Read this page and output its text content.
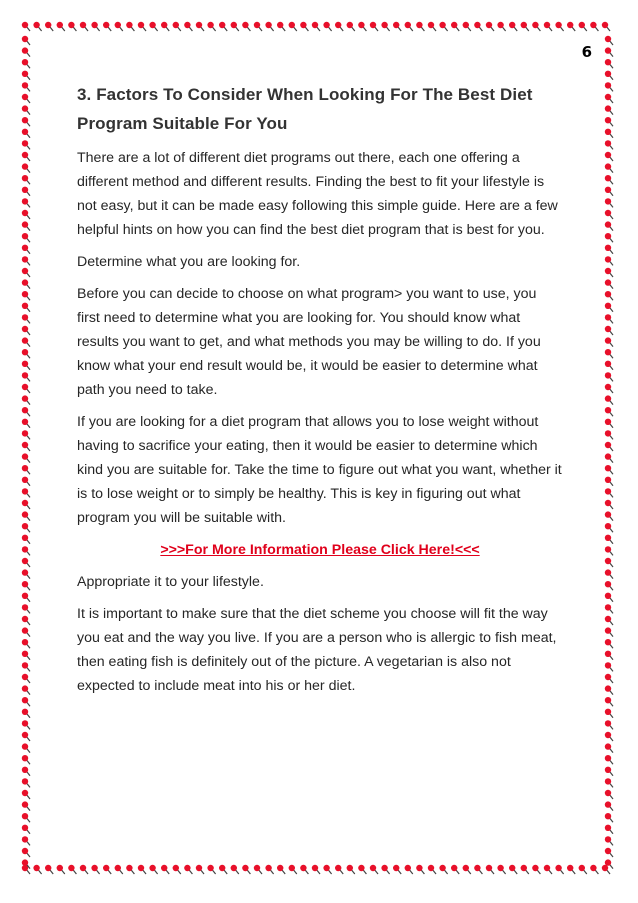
6
3. Factors To Consider When Looking For The Best Diet Program Suitable For You

There are a lot of different diet programs out there, each one offering a different method and different results. Finding the best to fit your lifestyle is not easy, but it can be made easy following this simple guide. Here are a few helpful hints on how you can find the best diet program that is best for you.

Determine what you are looking for.

Before you can decide to choose on what program> you want to use, you first need to determine what you are looking for. You should know what results you want to get, and what methods you may be willing to do. If you know what your end result would be, it would be easier to determine what path you need to take.

If you are looking for a diet program that allows you to lose weight without having to sacrifice your eating, then it would be easier to determine which kind you are suitable for. Take the time to figure out what you want, whether it is to lose weight or to simply be healthy. This is key in figuring out what program you will be suitable with.

>>>For More Information Please Click Here!<<<

Appropriate it to your lifestyle.

It is important to make sure that the diet scheme you choose will fit the way you eat and the way you live. If you are a person who is allergic to fish meat, then eating fish is definitely out of the picture. A vegetarian is also not expected to include meat into his or her diet.
